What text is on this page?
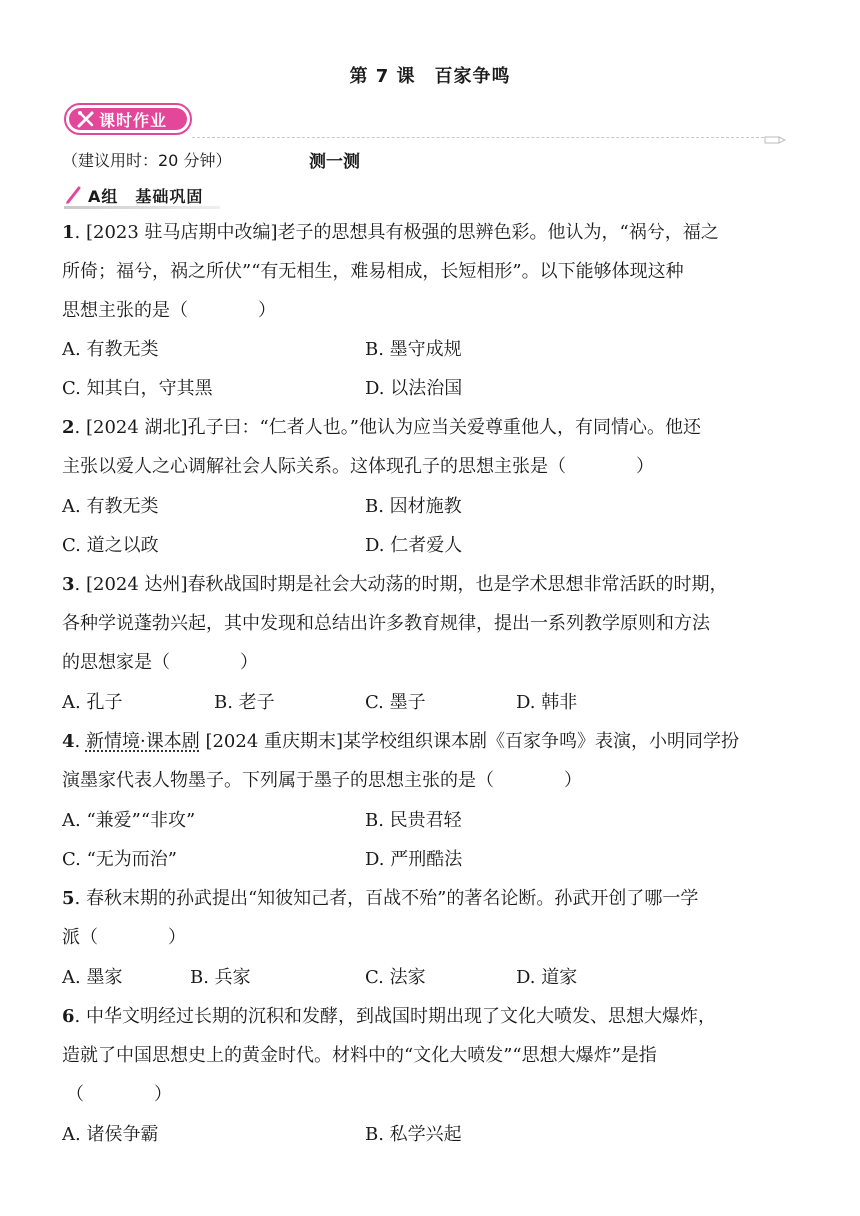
第 7 课　百家争鸣
课时作业
（建议用时：20 分钟）	测一测
A组　基础巩固
1. [2023 驻马店期中改编]老子的思想具有极强的思辨色彩。他认为，“祸兮，福之
所倚；福兮，祸之所伏”“有无相生，难易相成，长短相形”。以下能够体现这种
思想主张的是（	）
A. 有教无类	B. 墨守成规
C. 知其白，守其黑	D. 以法治国
2. [2024 湖北]孔子曰：“仁者人也。”他认为应当关爱尊重他人，有同情心。他还
主张以爱人之心调解社会人际关系。这体现孔子的思想主张是（	）
A. 有教无类	B. 因材施教
C. 道之以政	D. 仁者爱人
3. [2024 达州]春秋战国时期是社会大动荡的时期，也是学术思想非常活跃的时期，
各种学说蓬勃兴起，其中发现和总结出许多教育规律，提出一系列教学原则和方法
的思想家是（	）
A. 孔子	B. 老子	C. 墨子	D. 韩非
4. 新情境·课本剧 [2024 重庆期末]某学校组织课本剧《百家争鸣》表演，小明同学扮
演墨家代表人物墨子。下列属于墨子的思想主张的是（	）
A. “兼爱”“非攻”	B. 民贵君轻
C. “无为而治”	D. 严刑酷法
5. 春秋末期的孙武提出“知彼知己者，百战不殆”的著名论断。孙武开创了哪一学
派（	）
A. 墨家	B. 兵家	C. 法家	D. 道家
6. 中华文明经过长期的沉积和发酵，到战国时期出现了文化大喷发、思想大爆炸，
造就了中国思想史上的黄金时代。材料中的“文化大喷发”“思想大爆炸”是指
（	）
A. 诸侯争霸	B. 私学兴起
